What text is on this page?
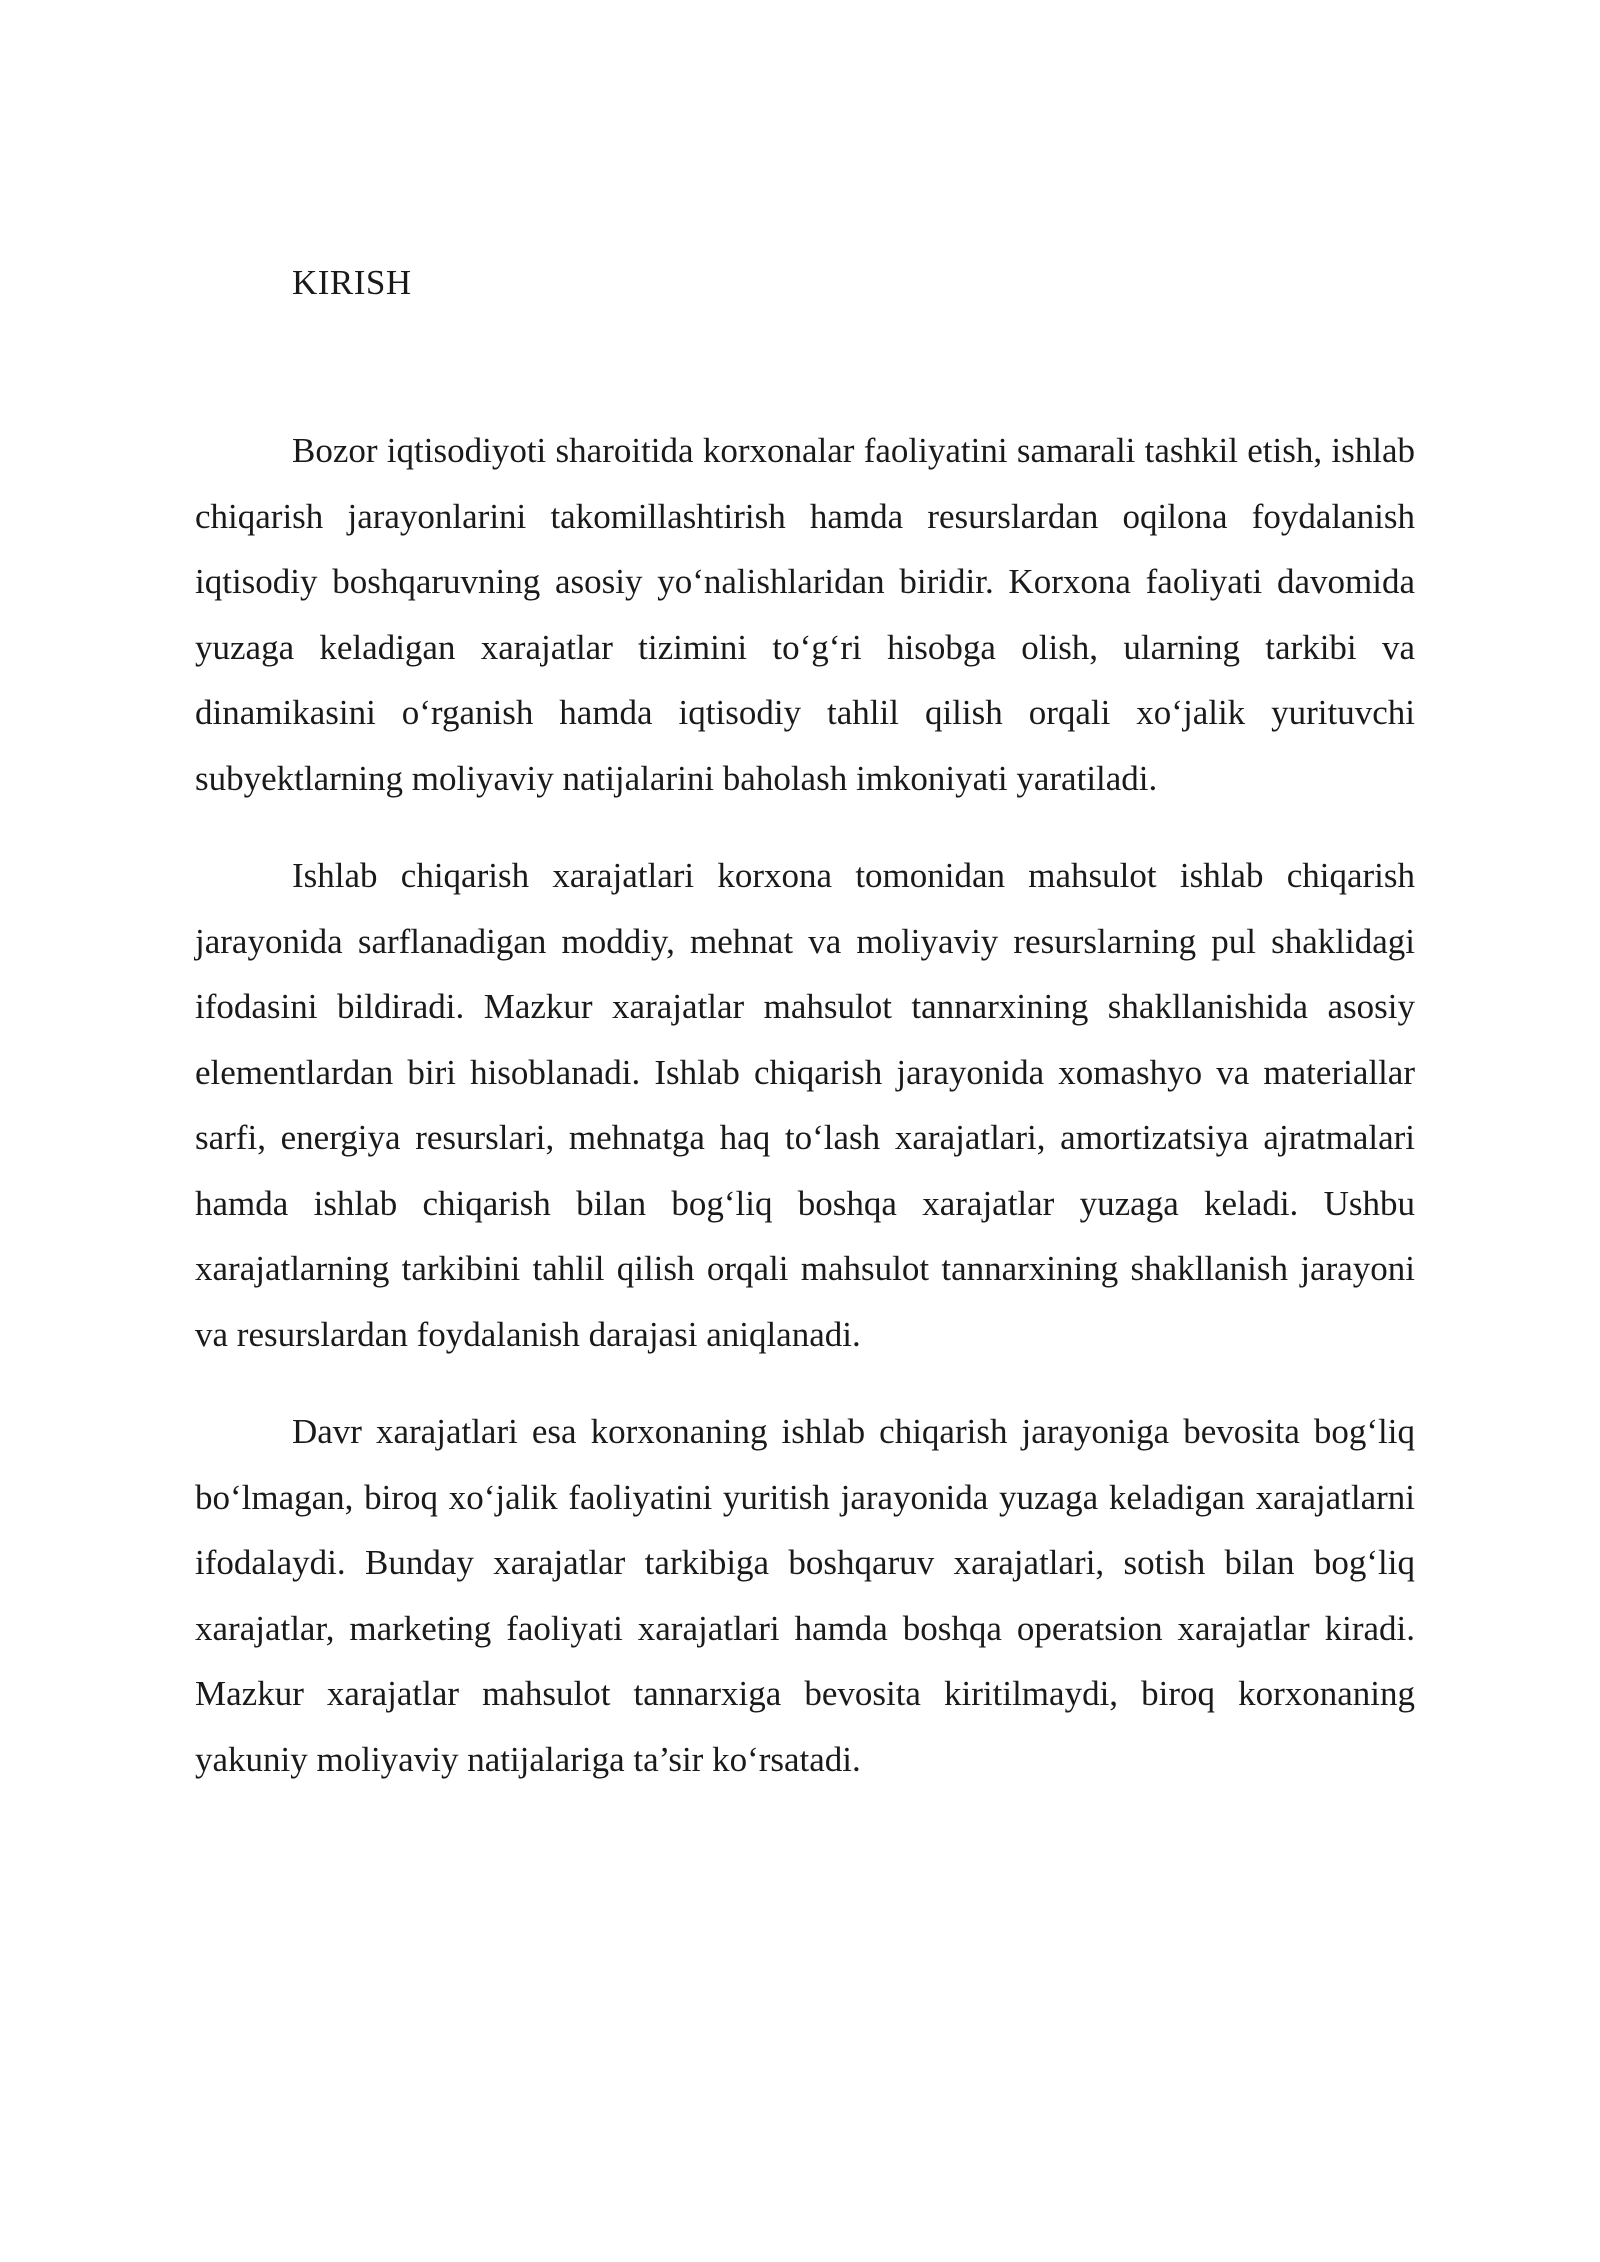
KIRISH

Bozor iqtisodiyoti sharoitida korxonalar faoliyatini samarali tashkil etish, ishlab chiqarish jarayonlarini takomillashtirish hamda resurslardan oqilona foydalanish iqtisodiy boshqaruvning asosiy yo‘nalishlaridan biridir. Korxona faoliyati davomida yuzaga keladigan xarajatlar tizimini to‘g‘ri hisobga olish, ularning tarkibi va dinamikasini o‘rganish hamda iqtisodiy tahlil qilish orqali xo‘jalik yurituvchi subyektlarning moliyaviy natijalarini baholash imkoniyati yaratiladi.

Ishlab chiqarish xarajatlari korxona tomonidan mahsulot ishlab chiqarish jarayonida sarflanadigan moddiy, mehnat va moliyaviy resurslarning pul shaklidagi ifodasini bildiradi. Mazkur xarajatlar mahsulot tannarxining shakllanishida asosiy elementlardan biri hisoblanadi. Ishlab chiqarish jarayonida xomashyo va materiallar sarfi, energiya resurslari, mehnatga haq to‘lash xarajatlari, amortizatsiya ajratmalari hamda ishlab chiqarish bilan bog‘liq boshqa xarajatlar yuzaga keladi. Ushbu xarajatlarning tarkibini tahlil qilish orqali mahsulot tannarxining shakllanish jarayoni va resurslardan foydalanish darajasi aniqlanadi.

Davr xarajatlari esa korxonaning ishlab chiqarish jarayoniga bevosita bog‘liq bo‘lmagan, biroq xo‘jalik faoliyatini yuritish jarayonida yuzaga keladigan xarajatlarni ifodalaydi. Bunday xarajatlar tarkibiga boshqaruv xarajatlari, sotish bilan bog‘liq xarajatlar, marketing faoliyati xarajatlari hamda boshqa operatsion xarajatlar kiradi. Mazkur xarajatlar mahsulot tannarxiga bevosita kiritilmaydi, biroq korxonaning yakuniy moliyaviy natijalariga ta’sir ko‘rsatadi.
